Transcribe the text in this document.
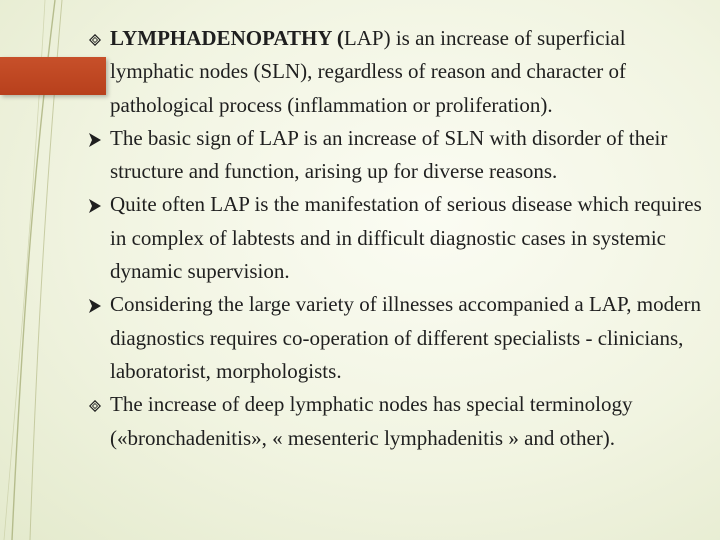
LYMPHADENOPATHY (LAP) is an increase of superficial lymphatic nodes (SLN), regardless of reason and character of pathological process (inflammation or proliferation).
The basic sign of LAP is an increase of SLN with disorder of their structure and function, arising up for diverse reasons.
Quite often LAP is the manifestation of serious disease which requires in complex of labtests and in difficult diagnostic cases in systemic dynamic supervision.
Considering the large variety of illnesses accompanied a LAP, modern diagnostics requires co-operation of different specialists - clinicians, laboratorist, morphologists.
The increase of deep lymphatic nodes has special terminology («bronchadenitis», « mesenteric lymphadenitis » and other).
